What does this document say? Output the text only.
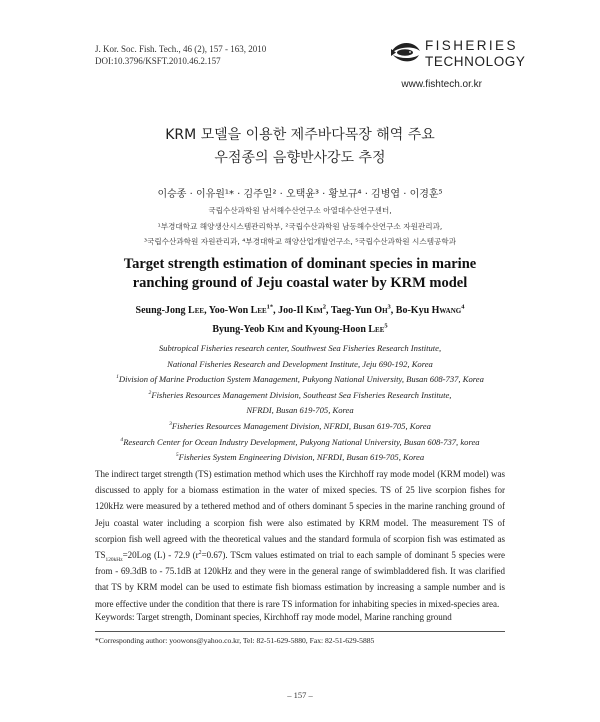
J. Kor. Soc. Fish. Tech., 46 (2), 157 - 163, 2010
DOI:10.3796/KSFT.2010.46.2.157
FISHERIES
TECHNOLOGY
www.fishtech.or.kr
KRM 모델을 이용한 제주바다목장 해역 주요
우점종의 음향반사강도 추정
이승종 · 이유원¹* · 김주일² · 오택윤³ · 황보규⁴ · 김병엽 · 이경훈⁵
국립수산과학원 남서해수산연구소 아열대수산연구센터,
¹부경대학교 해양생산시스템관리학부, ²국립수산과학원 남동해수산연구소 자원관리과,
³국립수산과학원 자원관리과, ⁴부경대학교 해양산업개발연구소, ⁵국립수산과학원 시스템공학과
Target strength estimation of dominant species in marine
ranching ground of Jeju coastal water by KRM model
Seung-Jong Lee, Yoo-Won Lee$^{1*}$, Joo-Il Kim$^2$, Taeg-Yun Oh$^3$, Bo-Kyu Hwang$^4$
Byung-Yeob Kim and Kyoung-Hoon Lee$^5$
Subtropical Fisheries research center, Southwest Sea Fisheries Research Institute,
National Fisheries Research and Development Institute, Jeju 690-192, Korea
$^1$Division of Marine Production System Management, Pukyong National University, Busan 608-737, Korea
$^2$Fisheries Resources Management Division, Southeast Sea Fisheries Research Institute,
NFRDI, Busan 619-705, Korea
$^3$Fisheries Resources Management Division, NFRDI, Busan 619-705, Korea
$^4$Research Center for Ocean Industry Development, Pukyong National University, Busan 608-737, korea
$^5$Fisheries System Engineering Division, NFRDI, Busan 619-705, Korea

The indirect target strength (TS) estimation method which uses the Kirchhoff ray mode model (KRM model) was discussed to apply for a biomass estimation in the water of mixed species. TS of 25 live scorpion fishes for 120kHz were measured by a tethered method and of others dominant 5 species in the marine ranching ground of Jeju coastal water including a scorpion fish were also estimated by KRM model. The measurement TS of scorpion fish well agreed with the theoretical values and the standard formula of scorpion fish was estimated as $TS_{120kHz}=20Log$ (L) - 72.9 $(r^2=0.67)$. TScm values estimated on trial to each sample of dominant 5 species were from - 69.3dB to - 75.1dB at 120kHz and they were in the general range of swimbladdered fish. It was clarified that TS by KRM model can be used to estimate fish biomass estimation by increasing a sample number and is more effective under the condition that there is rare TS information for inhabiting species in mixed-species area.

Keywords: Target strength, Dominant species, Kirchhoff ray mode model, Marine ranching ground
*Corresponding author: yoowons@yahoo.co.kr, Tel: 82-51-629-5880, Fax: 82-51-629-5885
– 157 –
